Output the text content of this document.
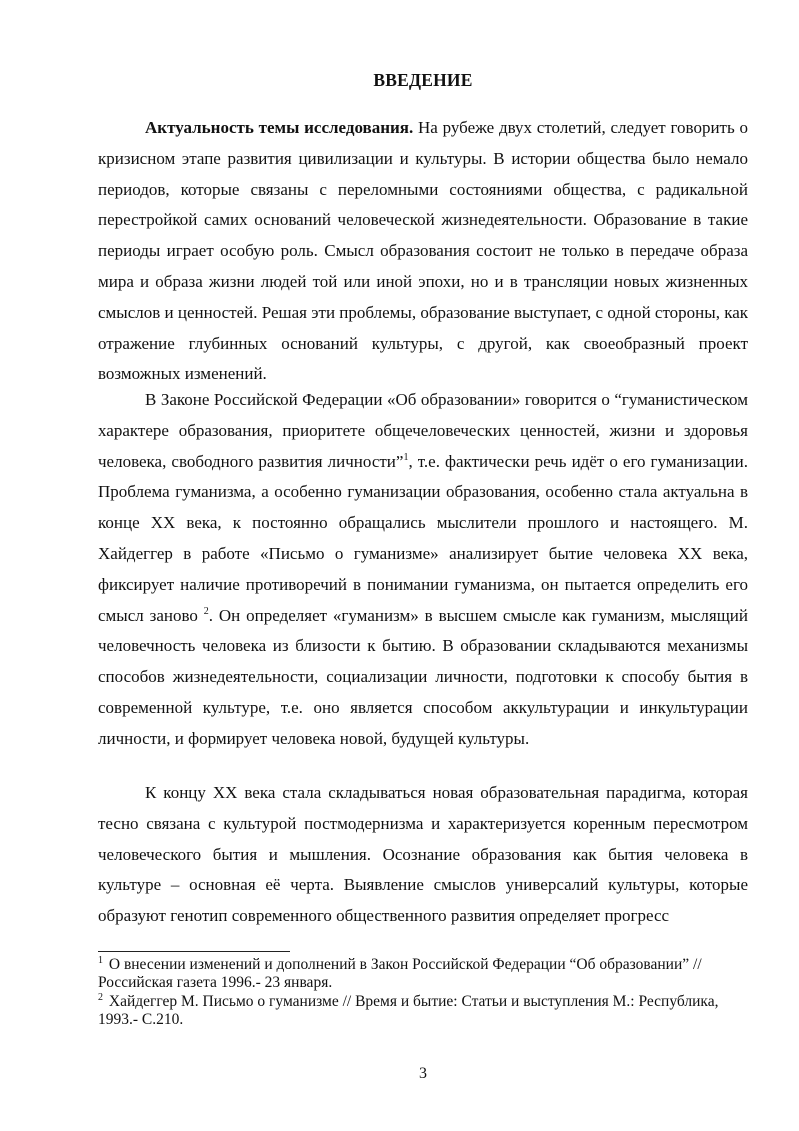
ВВЕДЕНИЕ

Актуальность темы исследования. На рубеже двух столетий, следует говорить о кризисном этапе развития цивилизации и культуры. В истории общества было немало периодов, которые связаны с переломными состояниями общества, с радикальной перестройкой самих оснований человеческой жизнедеятельности. Образование в такие периоды играет особую роль. Смысл образования состоит не только в передаче образа мира и образа жизни людей той или иной эпохи, но и в трансляции новых жизненных смыслов и ценностей. Решая эти проблемы, образование выступает, с одной стороны, как отражение глубинных оснований культуры, с другой, как своеобразный проект возможных изменений.

В Законе Российской Федерации «Об образовании» говорится о “гуманистическом характере образования, приоритете общечеловеческих ценностей, жизни и здоровья человека, свободного развития личности”$^1$, т.е. фактически речь идёт о его гуманизации. Проблема гуманизма, а особенно гуманизации образования, особенно стала актуальна в конце XX века, к постоянно обращались мыслители прошлого и настоящего. М. Хайдеггер в работе «Письмо о гуманизме» анализирует бытие человека XX века, фиксирует наличие противоречий в понимании гуманизма, он пытается определить его смысл заново $^2$. Он определяет «гуманизм» в высшем смысле как гуманизм, мыслящий человечность человека из близости к бытию. В образовании складываются механизмы способов жизнедеятельности, социализации личности, подготовки к способу бытия в современной культуре, т.е. оно является способом аккультурации и инкультурации личности, и формирует человека новой, будущей культуры.

К концу XX века стала складываться новая образовательная парадигма, которая тесно связана с культурой постмодернизма и характеризуется коренным пересмотром человеческого бытия и мышления. Осознание образования как бытия человека в культуре – основная её черта. Выявление смыслов универсалий культуры, которые образуют генотип современного общественного развития определяет прогресс

$^1$ О внесении изменений и дополнений в Закон Российской Федерации “Об образовании” // Российская газета 1996.- 23 января.

$^2$ Хайдеггер М. Письмо о гуманизме // Время и бытие: Статьи и выступления М.: Республика, 1993.- С.210.

3
